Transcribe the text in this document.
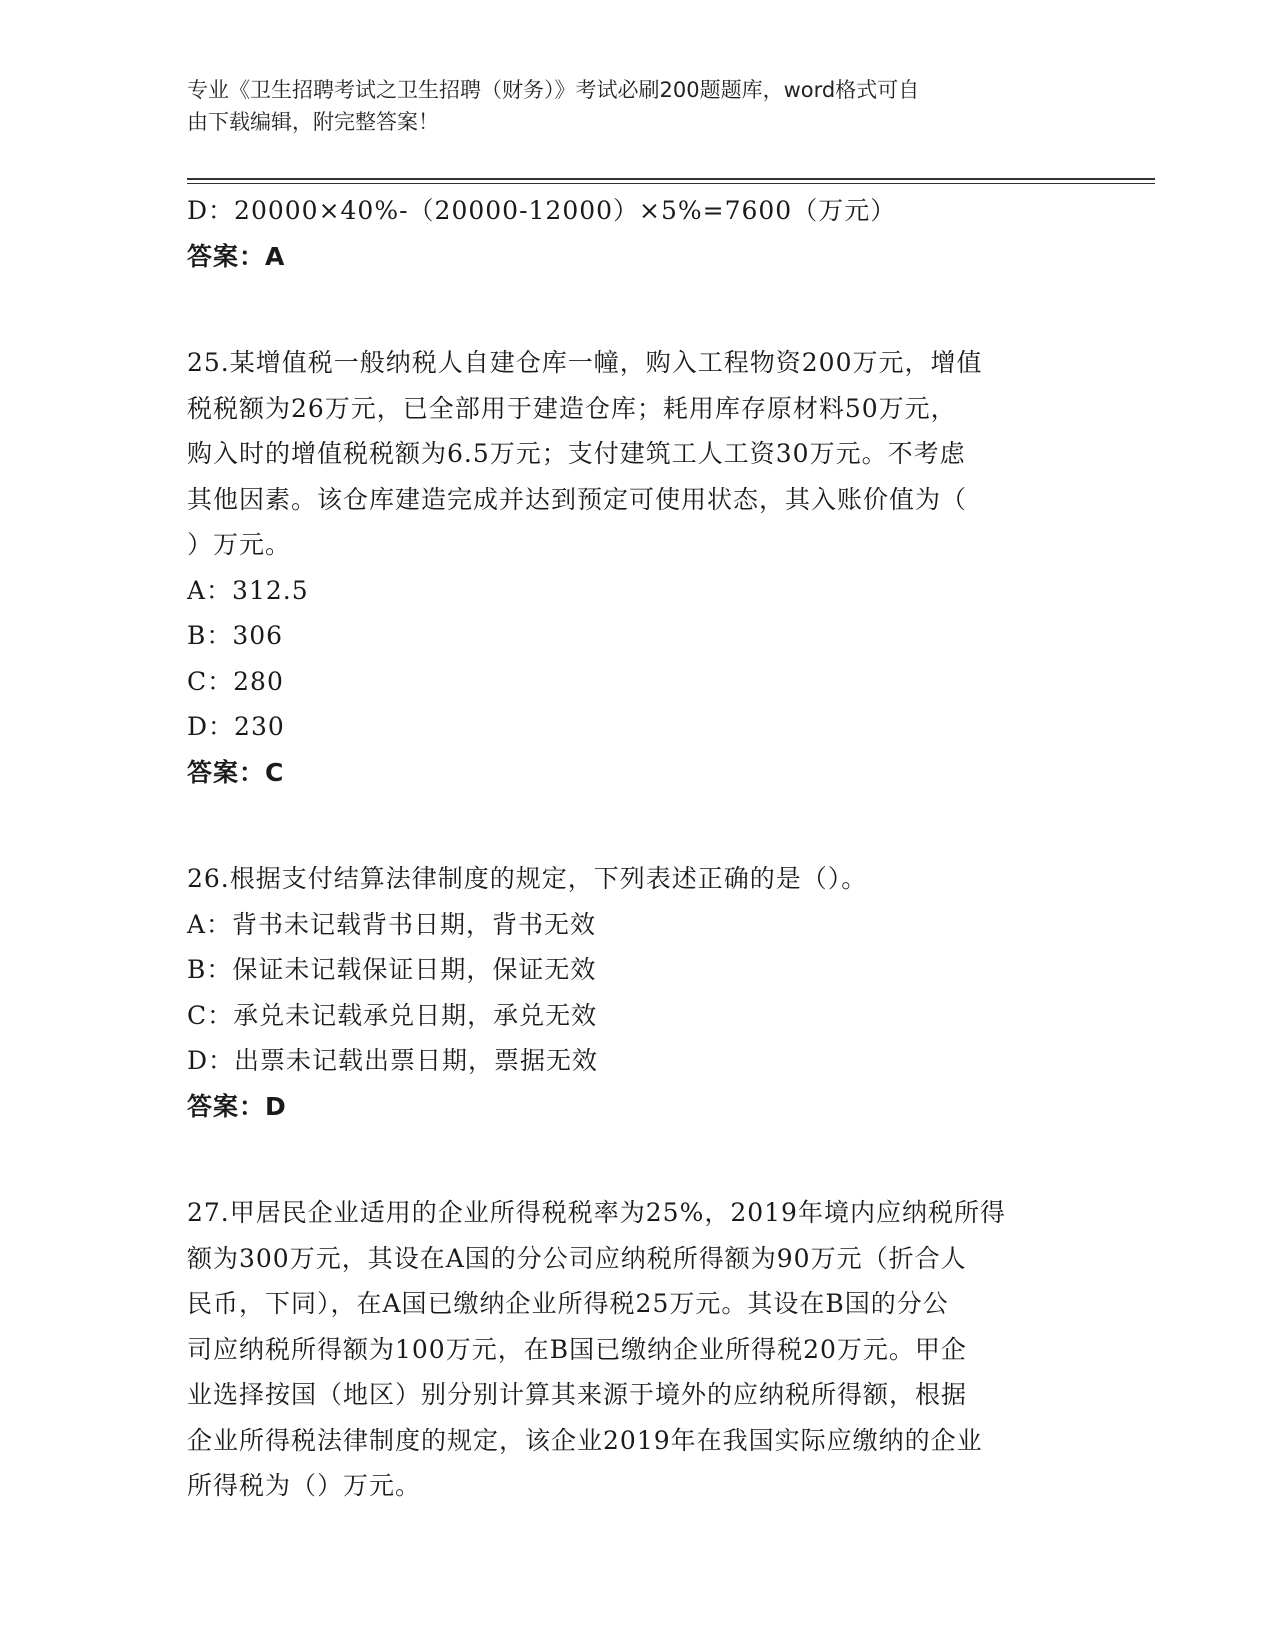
专业《卫生招聘考试之卫生招聘（财务）》考试必刷200题题库，word格式可自
由下载编辑，附完整答案！
D：20000×40%-（20000-12000）×5%=7600（万元）
答案：A
25.某增值税一般纳税人自建仓库一幢，购入工程物资200万元，增值
税税额为26万元，已全部用于建造仓库；耗用库存原材料50万元，
购入时的增值税税额为6.5万元；支付建筑工人工资30万元。不考虑
其他因素。该仓库建造完成并达到预定可使用状态，其入账价值为（
）万元。
A：312.5
B：306
C：280
D：230
答案：C
26.根据支付结算法律制度的规定，下列表述正确的是（）。
A：背书未记载背书日期，背书无效
B：保证未记载保证日期，保证无效
C：承兑未记载承兑日期，承兑无效
D：出票未记载出票日期，票据无效
答案：D
27.甲居民企业适用的企业所得税税率为25%，2019年境内应纳税所得
额为300万元，其设在A国的分公司应纳税所得额为90万元（折合人
民币，下同），在A国已缴纳企业所得税25万元。其设在B国的分公
司应纳税所得额为100万元，在B国已缴纳企业所得税20万元。甲企
业选择按国（地区）别分别计算其来源于境外的应纳税所得额，根据
企业所得税法律制度的规定，该企业2019年在我国实际应缴纳的企业
所得税为（）万元。
